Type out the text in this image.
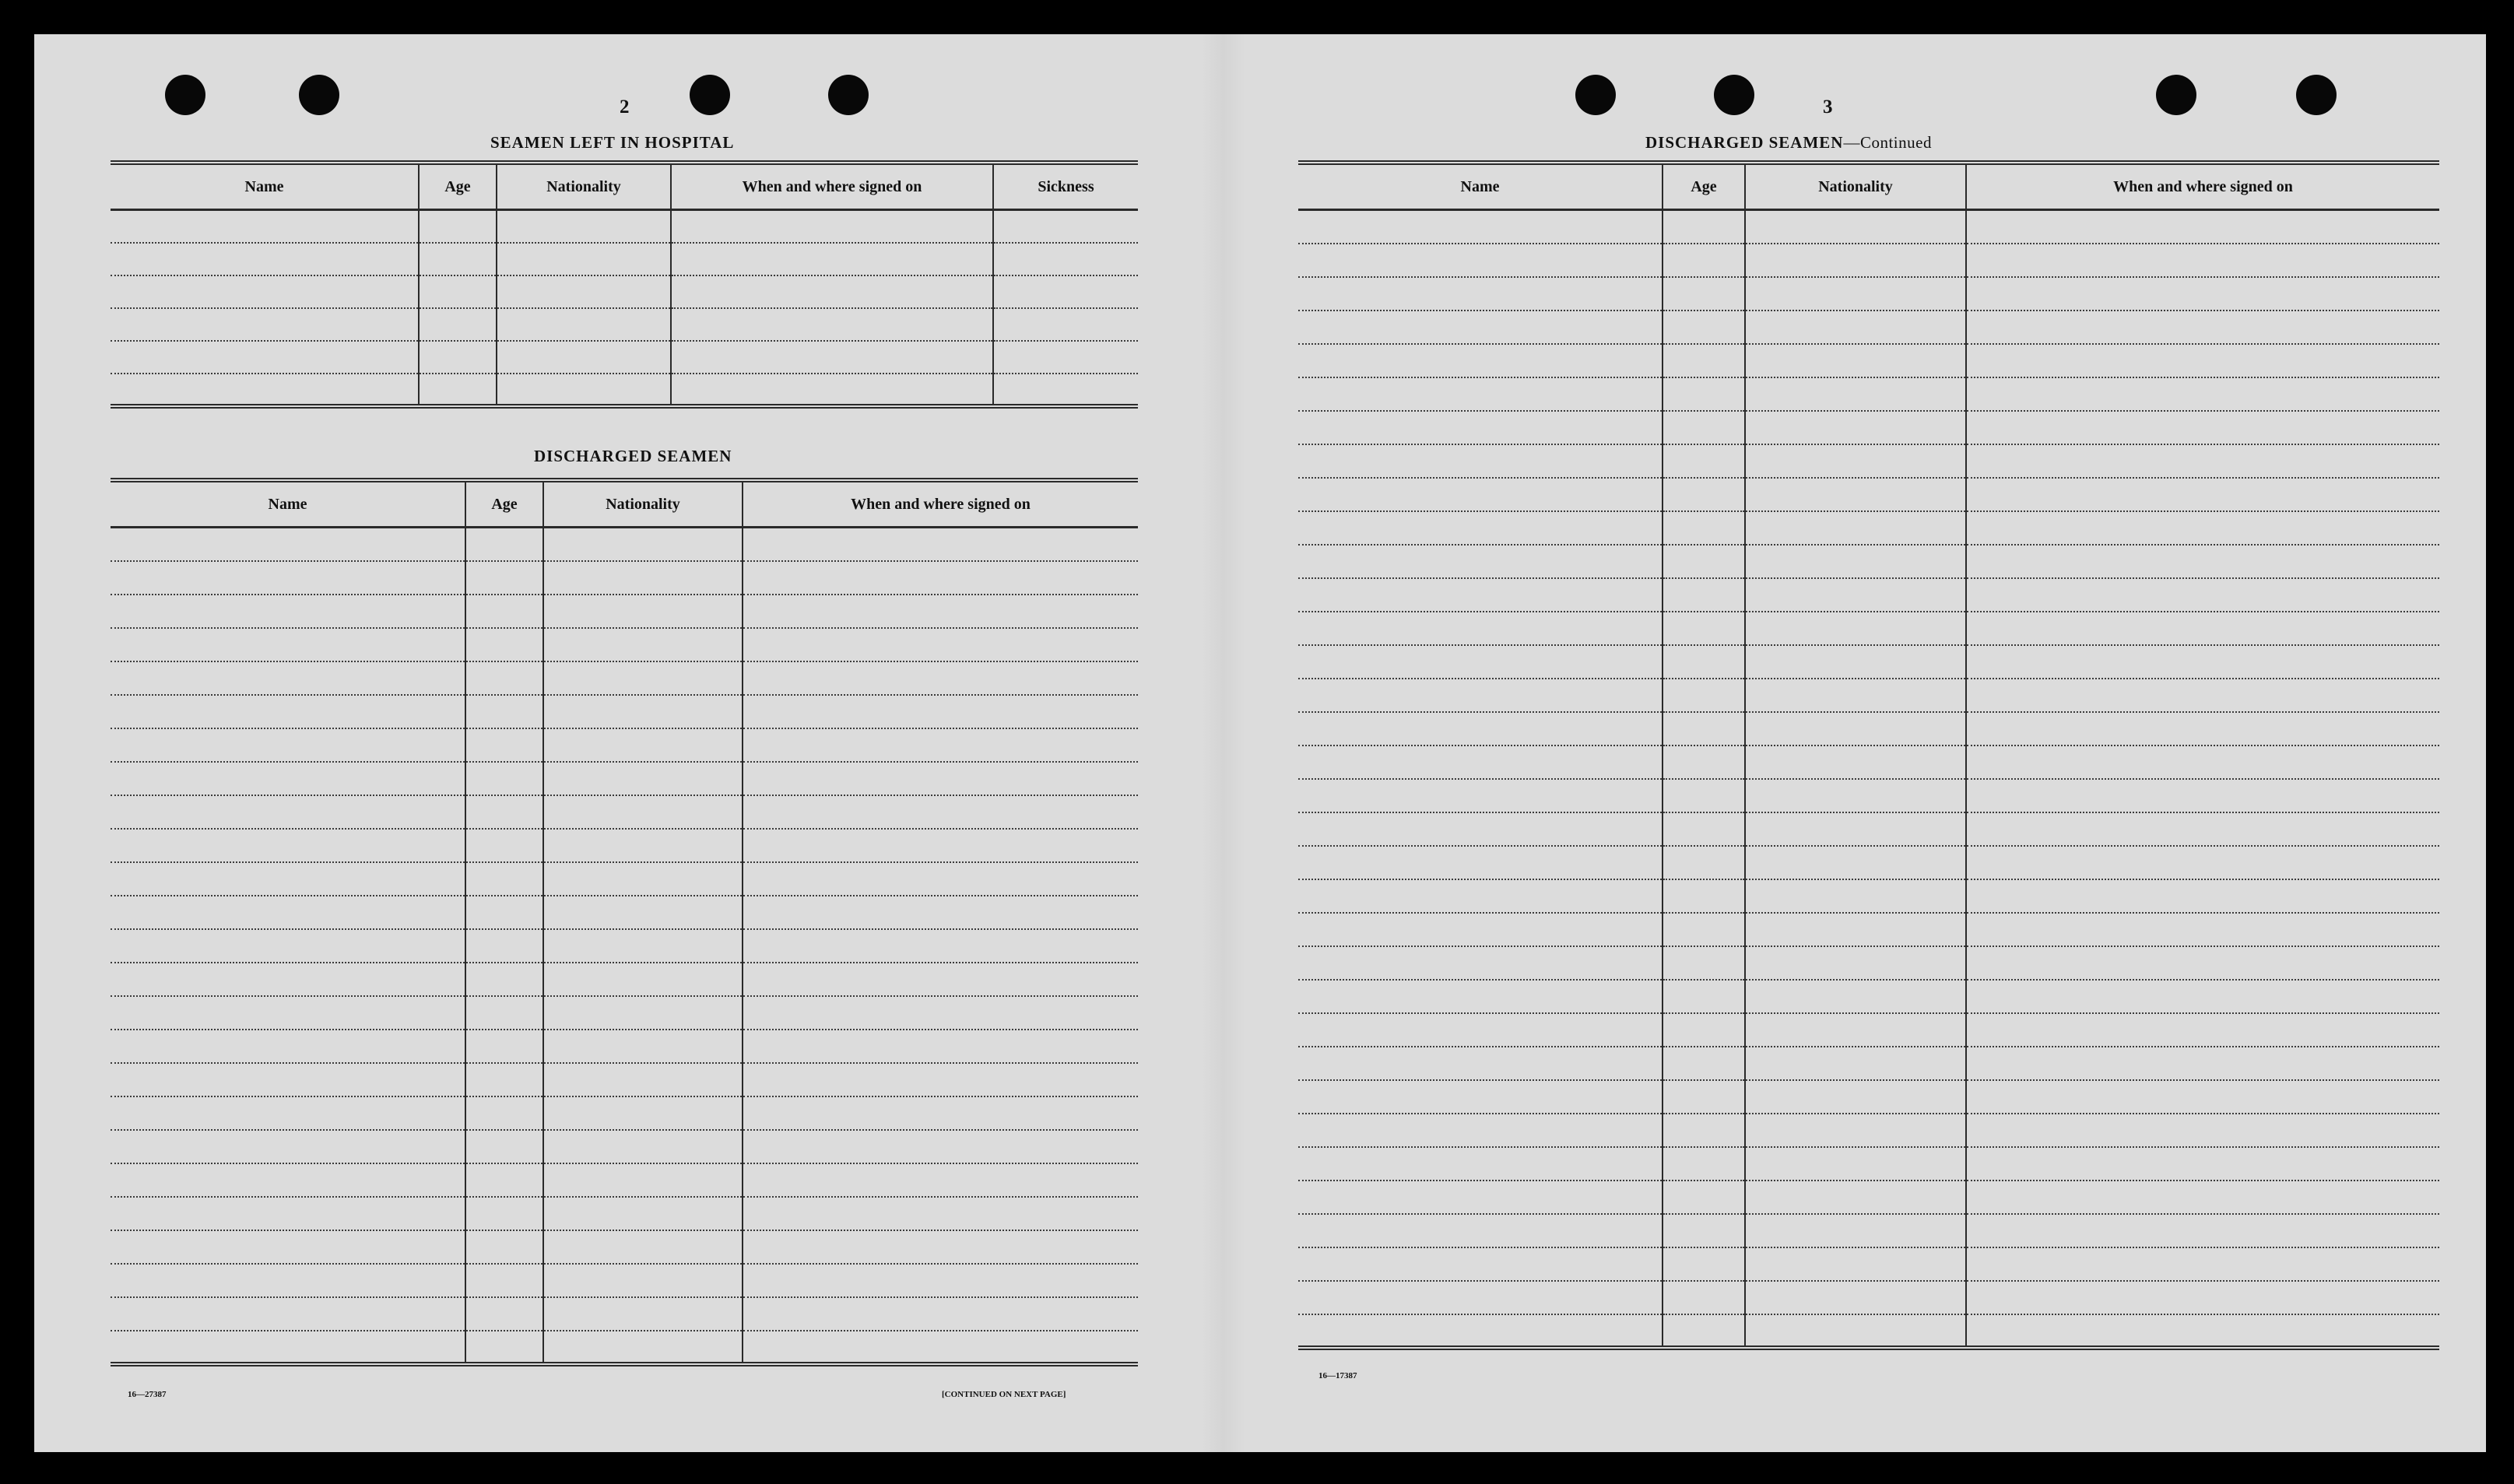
2
SEAMEN LEFT IN HOSPITAL
Name	Age	Nationality	When and where signed on	Sickness

DISCHARGED SEAMEN
Name	Age	Nationality	When and where signed on

16—27387	[CONTINUED ON NEXT PAGE]
3
DISCHARGED SEAMEN—Continued
Name	Age	Nationality	When and where signed on

16—17387
